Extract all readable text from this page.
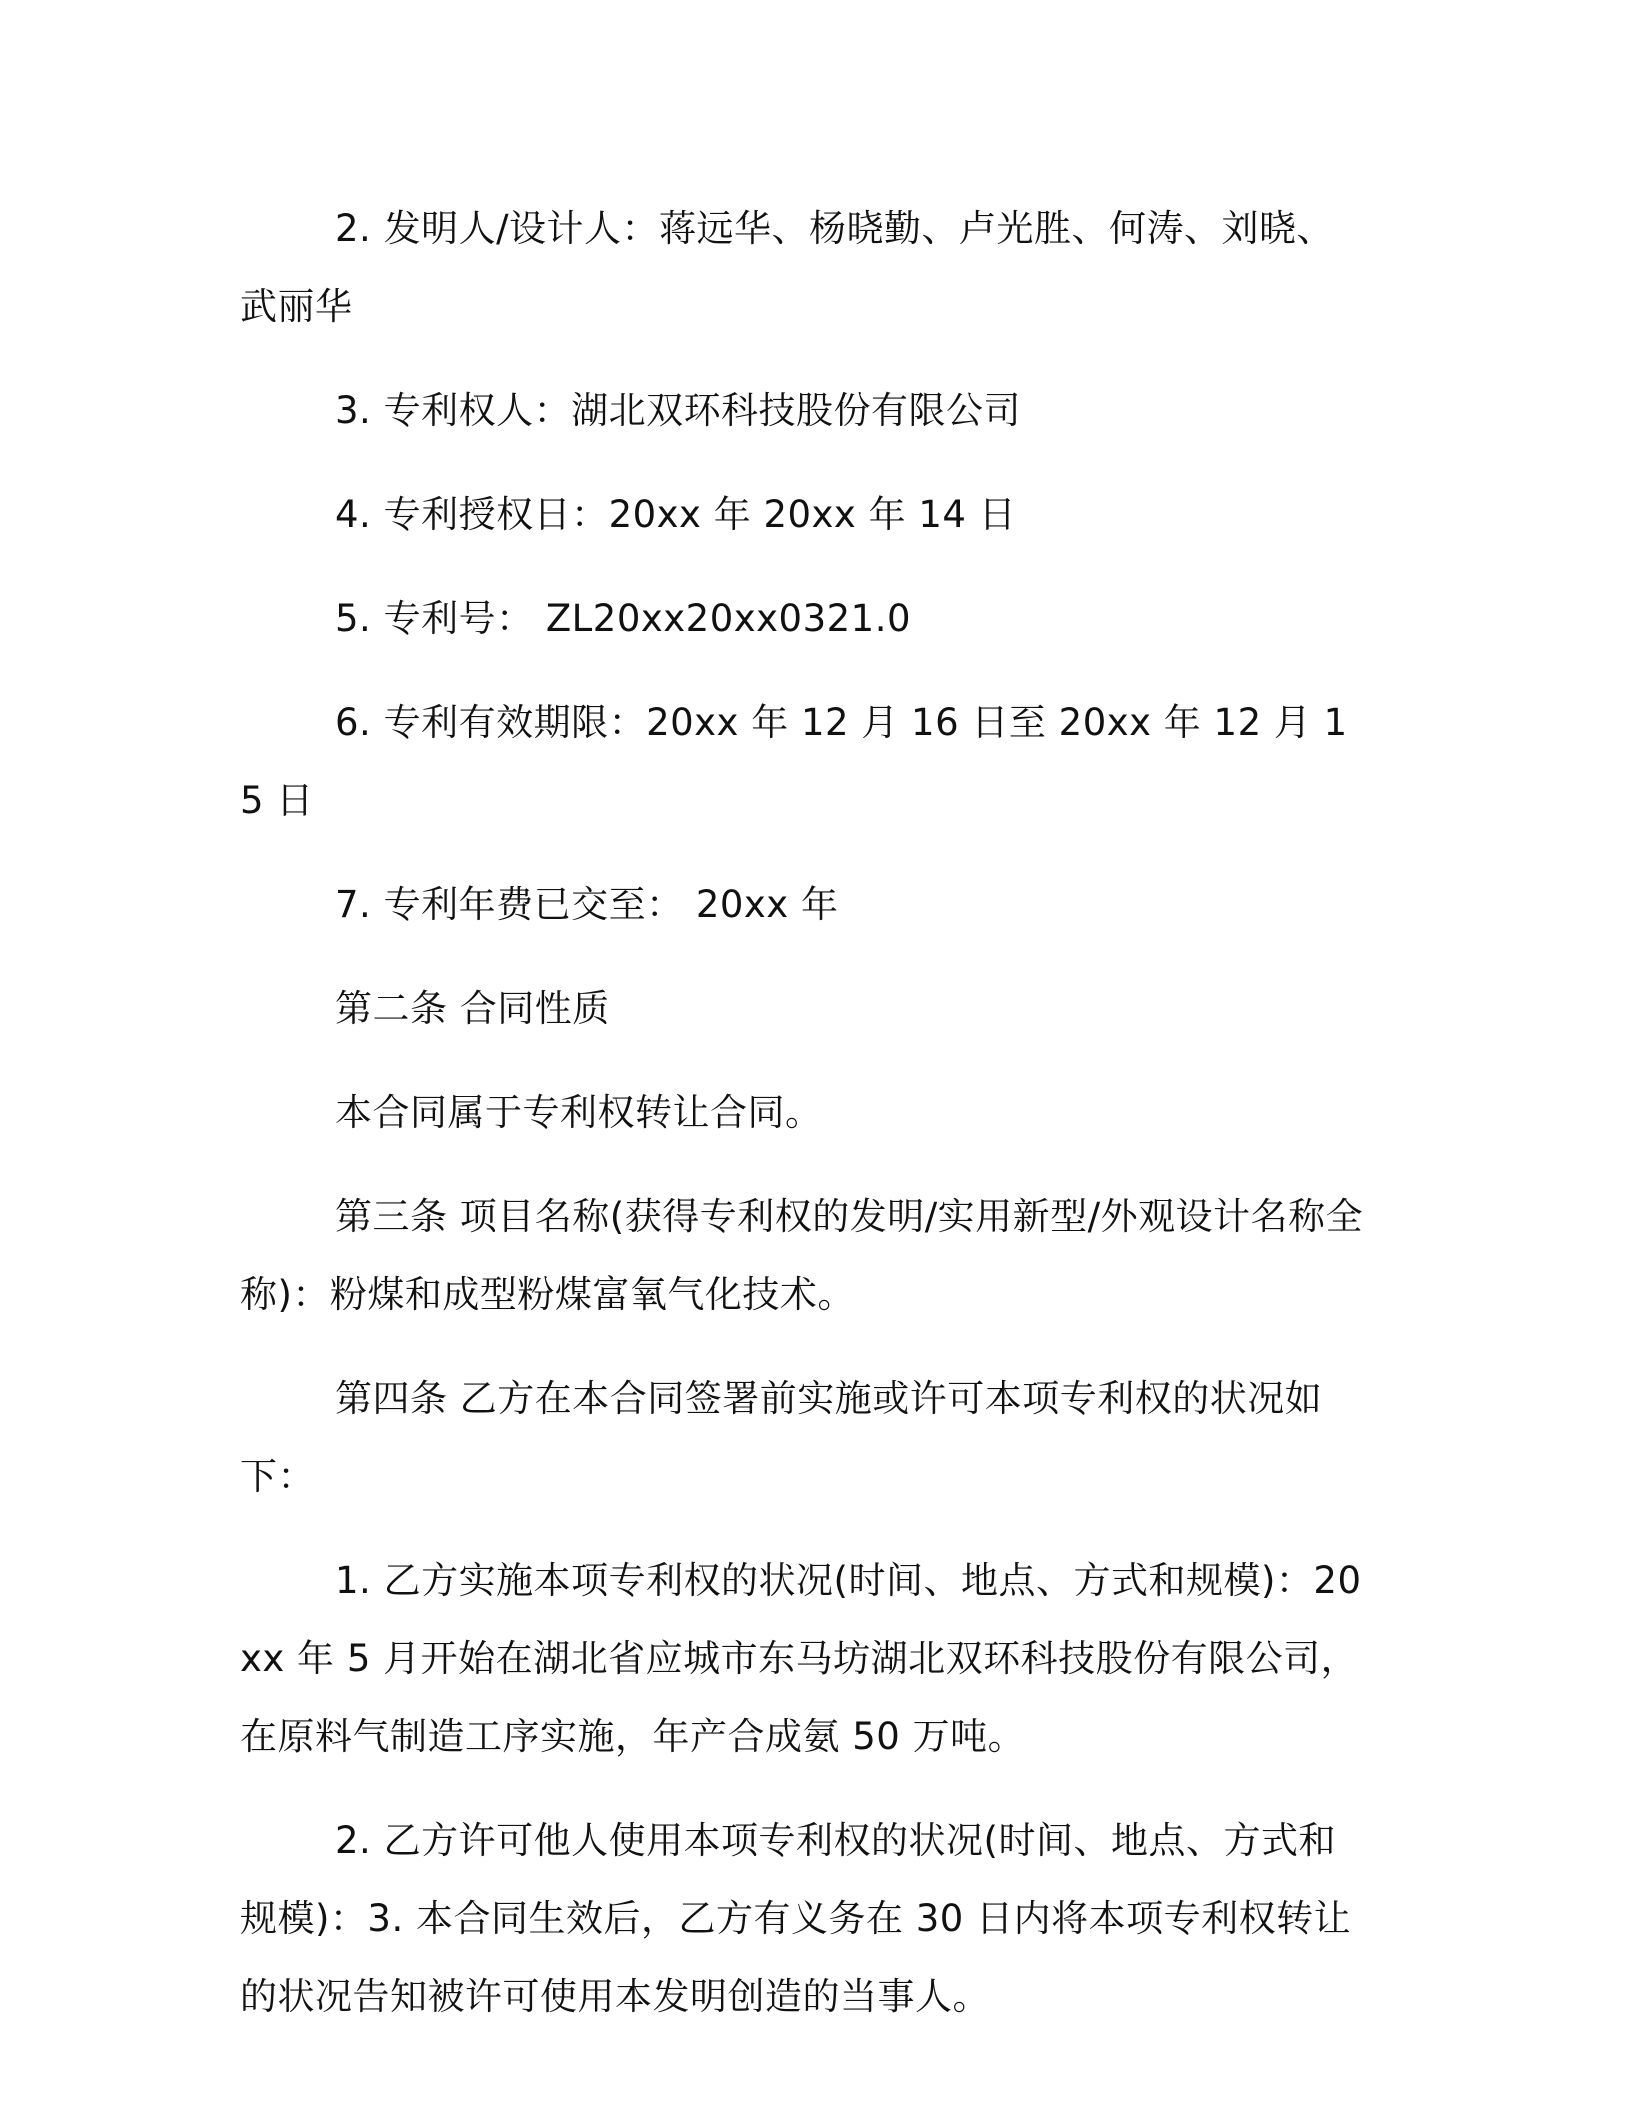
2. 发明人/设计人：蒋远华、杨晓勤、卢光胜、何涛、刘晓、武丽华

3. 专利权人：湖北双环科技股份有限公司

4. 专利授权日：20xx 年 20xx 年 14 日

5. 专利号： ZL20xx20xx0321.0

6. 专利有效期限：20xx 年 12 月 16 日至 20xx 年 12 月 15 日

7. 专利年费已交至： 20xx 年

第二条 合同性质

本合同属于专利权转让合同。

第三条 项目名称(获得专利权的发明/实用新型/外观设计名称全称)：粉煤和成型粉煤富氧气化技术。

第四条 乙方在本合同签署前实施或许可本项专利权的状况如下：

1. 乙方实施本项专利权的状况(时间、地点、方式和规模)：20xx 年 5 月开始在湖北省应城市东马坊湖北双环科技股份有限公司，在原料气制造工序实施，年产合成氨 50 万吨。

2. 乙方许可他人使用本项专利权的状况(时间、地点、方式和规模)：3. 本合同生效后，乙方有义务在 30 日内将本项专利权转让的状况告知被许可使用本发明创造的当事人。
